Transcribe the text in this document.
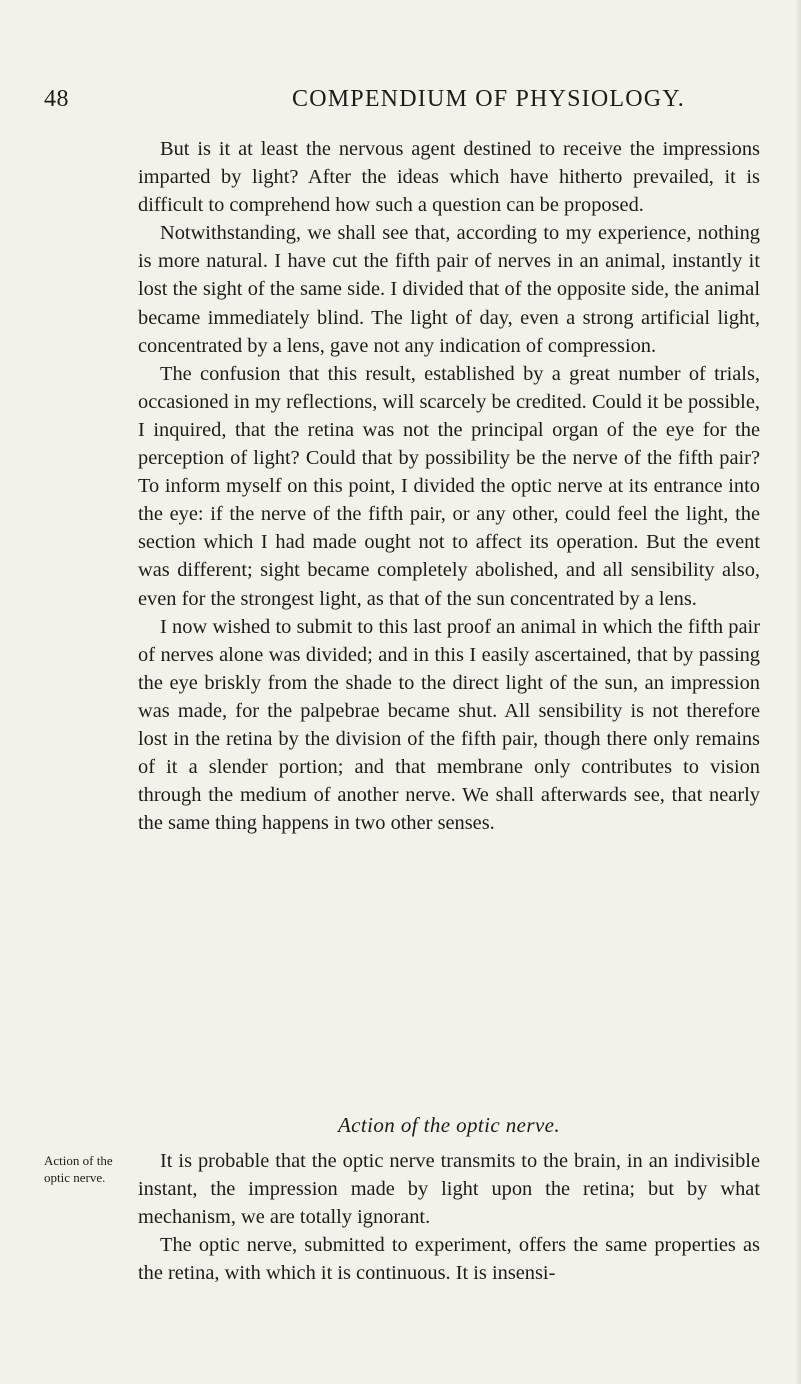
48	COMPENDIUM OF PHYSIOLOGY.

But is it at least the nervous agent destined to receive the impressions imparted by light? After the ideas which have hitherto prevailed, it is difficult to comprehend how such a question can be proposed.

Notwithstanding, we shall see that, according to my experience, nothing is more natural. I have cut the fifth pair of nerves in an animal, instantly it lost the sight of the same side. I divided that of the opposite side, the animal became immediately blind. The light of day, even a strong artificial light, concentrated by a lens, gave not any indication of compression.

The confusion that this result, established by a great number of trials, occasioned in my reflections, will scarcely be credited. Could it be possible, I inquired, that the retina was not the principal organ of the eye for the perception of light? Could that by possibility be the nerve of the fifth pair? To inform myself on this point, I divided the optic nerve at its entrance into the eye: if the nerve of the fifth pair, or any other, could feel the light, the section which I had made ought not to affect its operation. But the event was different; sight became completely abolished, and all sensibility also, even for the strongest light, as that of the sun concentrated by a lens.

I now wished to submit to this last proof an animal in which the fifth pair of nerves alone was divided; and in this I easily ascertained, that by passing the eye briskly from the shade to the direct light of the sun, an impression was made, for the palpebrae became shut. All sensibility is not therefore lost in the retina by the division of the fifth pair, though there only remains of it a slender portion; and that membrane only contributes to vision through the medium of another nerve. We shall afterwards see, that nearly the same thing happens in two other senses.

Action of the optic nerve.
Action of the optic nerve.

It is probable that the optic nerve transmits to the brain, in an indivisible instant, the impression made by light upon the retina; but by what mechanism, we are totally ignorant.

The optic nerve, submitted to experiment, offers the same properties as the retina, with which it is continuous. It is insensi-
